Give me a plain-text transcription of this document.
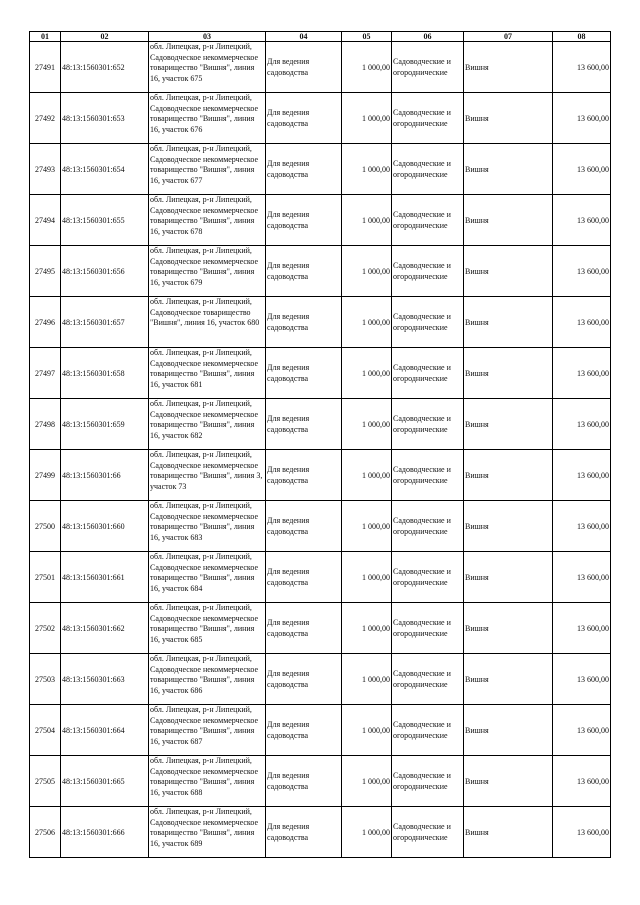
01	02	03	04	05	06	07	08
27491	48:13:1560301:652	обл. Липецкая, р-н Липецкий, Садоводческое некоммерческое товарищество "Вишня", линия 16, участок 675	Для ведения садоводства	1 000,00	Садоводческие и огороднические	Вишня	13 600,00
27492	48:13:1560301:653	обл. Липецкая, р-н Липецкий, Садоводческое некоммерческое товарищество "Вишня", линия 16, участок 676	Для ведения садоводства	1 000,00	Садоводческие и огороднические	Вишня	13 600,00
27493	48:13:1560301:654	обл. Липецкая, р-н Липецкий, Садоводческое некоммерческое товарищество "Вишня", линия 16, участок 677	Для ведения садоводства	1 000,00	Садоводческие и огороднические	Вишня	13 600,00
27494	48:13:1560301:655	обл. Липецкая, р-н Липецкий, Садоводческое некоммерческое товарищество "Вишня", линия 16, участок 678	Для ведения садоводства	1 000,00	Садоводческие и огороднические	Вишня	13 600,00
27495	48:13:1560301:656	обл. Липецкая, р-н Липецкий, Садоводческое некоммерческое товарищество "Вишня", линия 16, участок 679	Для ведения садоводства	1 000,00	Садоводческие и огороднические	Вишня	13 600,00
27496	48:13:1560301:657	обл. Липецкая, р-н Липецкий, Садоводческое товарищество "Вишня", линия 16, участок 680	Для ведения садоводства	1 000,00	Садоводческие и огороднические	Вишня	13 600,00
27497	48:13:1560301:658	обл. Липецкая, р-н Липецкий, Садоводческое некоммерческое товарищество "Вишня", линия 16, участок 681	Для ведения садоводства	1 000,00	Садоводческие и огороднические	Вишня	13 600,00
27498	48:13:1560301:659	обл. Липецкая, р-н Липецкий, Садоводческое некоммерческое товарищество "Вишня", линия 16, участок 682	Для ведения садоводства	1 000,00	Садоводческие и огороднические	Вишня	13 600,00
27499	48:13:1560301:66	обл. Липецкая, р-н Липецкий, Садоводческое некоммерческое товарищество "Вишня", линия 3, участок 73	Для ведения садоводства	1 000,00	Садоводческие и огороднические	Вишня	13 600,00
27500	48:13:1560301:660	обл. Липецкая, р-н Липецкий, Садоводческое некоммерческое товарищество "Вишня", линия 16, участок 683	Для ведения садоводства	1 000,00	Садоводческие и огороднические	Вишня	13 600,00
27501	48:13:1560301:661	обл. Липецкая, р-н Липецкий, Садоводческое некоммерческое товарищество "Вишня", линия 16, участок 684	Для ведения садоводства	1 000,00	Садоводческие и огороднические	Вишня	13 600,00
27502	48:13:1560301:662	обл. Липецкая, р-н Липецкий, Садоводческое некоммерческое товарищество "Вишня", линия 16, участок 685	Для ведения садоводства	1 000,00	Садоводческие и огороднические	Вишня	13 600,00
27503	48:13:1560301:663	обл. Липецкая, р-н Липецкий, Садоводческое некоммерческое товарищество "Вишня", линия 16, участок 686	Для ведения садоводства	1 000,00	Садоводческие и огороднические	Вишня	13 600,00
27504	48:13:1560301:664	обл. Липецкая, р-н Липецкий, Садоводческое некоммерческое товарищество "Вишня", линия 16, участок 687	Для ведения садоводства	1 000,00	Садоводческие и огороднические	Вишня	13 600,00
27505	48:13:1560301:665	обл. Липецкая, р-н Липецкий, Садоводческое некоммерческое товарищество "Вишня", линия 16, участок 688	Для ведения садоводства	1 000,00	Садоводческие и огороднические	Вишня	13 600,00
27506	48:13:1560301:666	обл. Липецкая, р-н Липецкий, Садоводческое некоммерческое товарищество "Вишня", линия 16, участок 689	Для ведения садоводства	1 000,00	Садоводческие и огороднические	Вишня	13 600,00
